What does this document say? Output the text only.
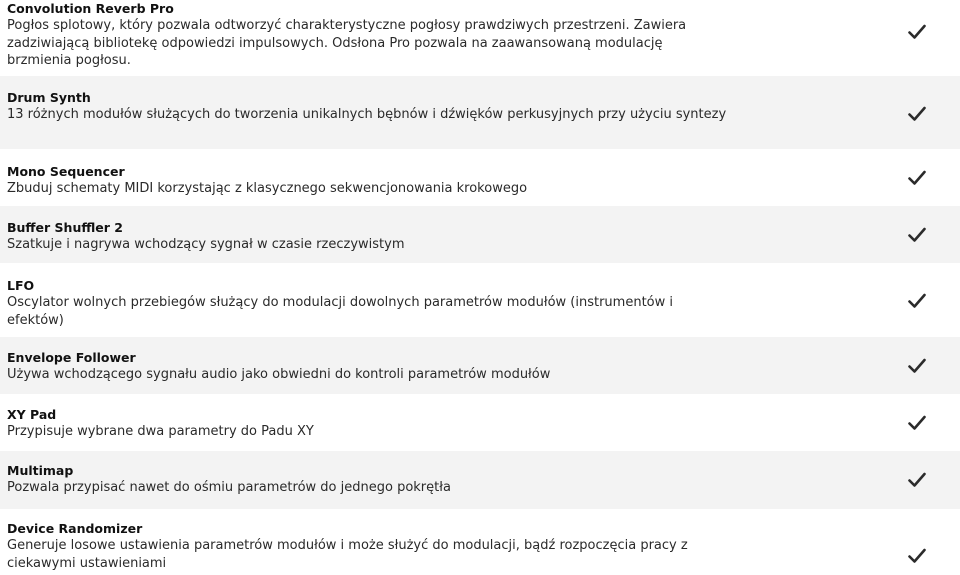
Convolution Reverb Pro
Pogłos splotowy, który pozwala odtworzyć charakterystyczne pogłosy prawdziwych przestrzeni. Zawiera zadziwiającą bibliotekę odpowiedzi impulsowych. Odsłona Pro pozwala na zaawansowaną modulację brzmienia pogłosu.
Drum Synth
13 różnych modułów służących do tworzenia unikalnych bębnów i dźwięków perkusyjnych przy użyciu syntezy
Mono Sequencer
Zbuduj schematy MIDI korzystając z klasycznego sekwencjonowania krokowego
Buffer Shuffler 2
Szatkuje i nagrywa wchodzący sygnał w czasie rzeczywistym
LFO
Oscylator wolnych przebiegów służący do modulacji dowolnych parametrów modułów (instrumentów i efektów)
Envelope Follower
Używa wchodzącego sygnału audio jako obwiedni do kontroli parametrów modułów
XY Pad
Przypisuje wybrane dwa parametry do Padu XY
Multimap
Pozwala przypisać nawet do ośmiu parametrów do jednego pokrętła
Device Randomizer
Generuje losowe ustawienia parametrów modułów i może służyć do modulacji, bądź rozpoczęcia pracy z ciekawymi ustawieniami
